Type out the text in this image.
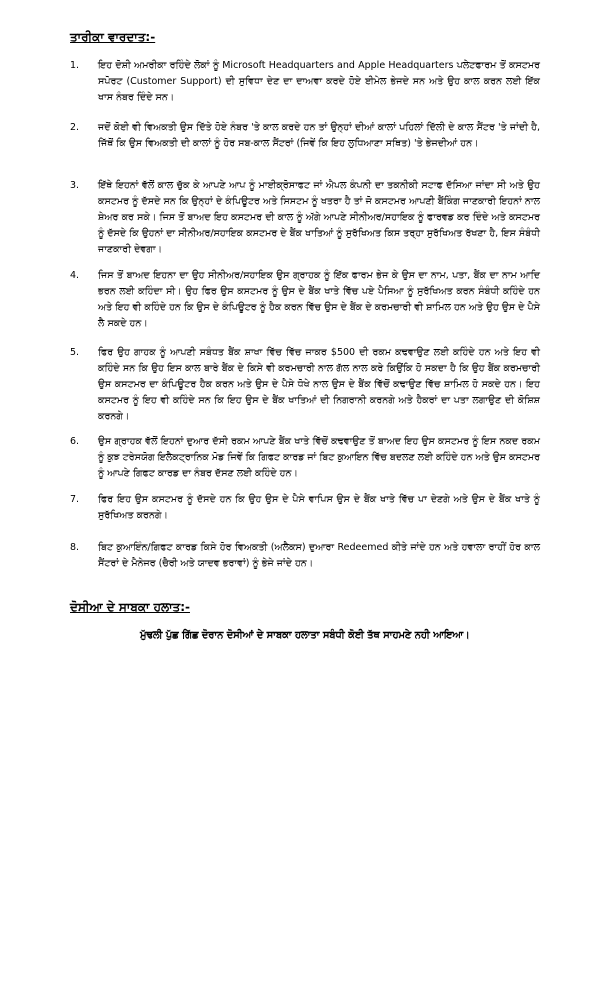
ਤਾਰੀਕਾ ਵਾਰਦਾਤ:-
1.	ਇਹ ਦੋਸ਼ੀ ਅਮਰੀਕਾ ਰਹਿੰਦੇ ਲੋਕਾਂ ਨੂੰ Microsoft Headquarters and Apple Headquarters ਪਲੇਟਫਾਰਮ ਤੋਂ ਕਸਟਮਰ ਸਪੋਰਟ (Customer Support) ਦੀ ਸੁਵਿਧਾ ਦੇਣ ਦਾ ਦਾਅਵਾ ਕਰਦੇ ਹੋਏ ਈਮੇਲ ਭੇਜਦੇ ਸਨ ਅਤੇ ਉਹ ਕਾਲ ਕਰਨ ਲਈ ਇੱਕ ਖਾਸ ਨੰਬਰ ਦਿੰਦੇ ਸਨ।
2.	ਜਦੋਂ ਕੋਈ ਵੀ ਵਿਅਕਤੀ ਉਸ ਦਿੱਤੇ ਹੋਏ ਨੰਬਰ 'ਤੇ ਕਾਲ ਕਰਦੇ ਹਨ ਤਾਂ ਉਨ੍ਹਾਂ ਦੀਆਂ ਕਾਲਾਂ ਪਹਿਲਾਂ ਦਿੱਲੀ ਦੇ ਕਾਲ ਸੈਂਟਰ 'ਤੇ ਜਾਂਦੀ ਹੈ, ਜਿੱਥੋਂ ਕਿ ਉਸ ਵਿਅਕਤੀ ਦੀ ਕਾਲਾਂ ਨੂੰ ਹੋਰ ਸਬ-ਕਾਲ ਸੈਂਟਰਾਂ (ਜਿਵੇਂ ਕਿ ਇਹ ਲੁਧਿਆਣਾ ਸਥਿਤ) 'ਤੇ ਭੇਜਦੀਆਂ ਹਨ।
3.	ਇੱਥੇ ਇਹਨਾਂ ਵੱਲੋਂ ਕਾਲ ਚੁੱਕ ਕੇ ਆਪਣੇ ਆਪ ਨੂੰ ਮਾਈਕ੍ਰੋਸਾਫਟ ਜਾਂ ਐਪਲ ਕੰਪਨੀ ਦਾ ਤਕਨੀਕੀ ਸਟਾਫ ਦੱਸਿਆ ਜਾਂਦਾ ਸੀ ਅਤੇ ਉਹ ਕਸਟਮਰ ਨੂੰ ਦੱਸਦੇ ਸਨ ਕਿ ਉਨ੍ਹਾਂ ਦੇ ਕੰਪਿਊਟਰ ਅਤੇ ਸਿਸਟਮ ਨੂੰ ਖਤਰਾ ਹੈ ਤਾਂ ਜੋ ਕਸਟਮਰ ਆਪਣੀ ਬੈਂਕਿੰਗ ਜਾਣਕਾਰੀ ਇਹਨਾਂ ਨਾਲ ਸ਼ੇਅਰ ਕਰ ਸਕੇ। ਜਿਸ ਤੋਂ ਬਾਅਦ ਇਹ ਕਸਟਮਰ ਦੀ ਕਾਲ ਨੂੰ ਅੱਗੇ ਆਪਣੇ ਸੀਨੀਅਰ/ਸਹਾਇਕ ਨੂੰ ਫਾਰਵਡ ਕਰ ਦਿੰਦੇ ਅਤੇ ਕਸਟਮਰ ਨੂੰ ਦੱਸਦੇ ਕਿ ਉਹਨਾਂ ਦਾ ਸੀਨੀਅਰ/ਸਹਾਇਕ ਕਸਟਮਰ ਦੇ ਬੈਂਕ ਖਾਤਿਆਂ ਨੂੰ ਸੁਰੱਖਿਅਤ ਕਿਸ ਤਰ੍ਹਾ ਸੁਰੱਖਿਅਤ ਰੱਖਣਾ ਹੈ, ਇਸ ਸੰਬੰਧੀ ਜਾਣਕਾਰੀ ਦੇਵਗਾ।
4.	ਜਿਸ ਤੋਂ ਬਾਅਦ ਇਹਨਾ ਦਾ ਉਹ ਸੀਨੀਅਰ/ਸਹਾਇਕ ਉਸ ਗ੍ਰਾਹਕ ਨੂੰ ਇੱਕ ਫਾਰਮ ਭੇਜ ਕੇ ਉਸ ਦਾ ਨਾਮ, ਪਤਾ, ਬੈਂਕ ਦਾ ਨਾਮ ਆਦਿ ਭਰਨ ਲਈ ਕਹਿੰਦਾ ਸੀ। ਉਹ ਫਿਰ ਉਸ ਕਸਟਮਰ ਨੂੰ ਉਸ ਦੇ ਬੈਂਕ ਖਾਤੇ ਵਿੱਚ ਪਏ ਪੈਸਿਆ ਨੂੰ ਸੁਰੱਖਿਅਤ ਕਰਨ ਸੰਬੰਧੀ ਕਹਿੰਦੇ ਹਨ ਅਤੇ ਇਹ ਵੀ ਕਹਿੰਦੇ ਹਨ ਕਿ ਉਸ ਦੇ ਕੰਪਿਊਟਰ ਨੂੰ ਹੈਕ ਕਰਨ ਵਿੱਚ ਉਸ ਦੇ ਬੈਂਕ ਦੇ ਕਰਮਚਾਰੀ ਵੀ ਸ਼ਾਮਿਲ ਹਨ ਅਤੇ ਉਹ ਉਸ ਦੇ ਪੈਸੇ ਲੈ ਸਕਦੇ ਹਨ।
5.	ਫਿਰ ਉਹ ਗਾਹਕ ਨੂੰ ਆਪਣੀ ਸਬੰਧਤ ਬੈਂਕ ਸ਼ਾਖਾ ਵਿੱਚ ਵਿੱਚ ਜਾਕਰ $500 ਦੀ ਰਕਮ ਕਢਵਾਉਣ ਲਈ ਕਹਿੰਦੇ ਹਨ ਅਤੇ ਇਹ ਵੀ ਕਹਿੰਦੇ ਸਨ ਕਿ ਉਹ ਇਸ ਕਾਲ ਬਾਰੇ ਬੈਂਕ ਦੇ ਕਿਸੇ ਵੀ ਕਰਮਚਾਰੀ ਨਾਲ ਗੱਲ ਨਾਲ ਕਰੇ ਕਿਉਂਕਿ ਹੋ ਸਕਦਾ ਹੈ ਕਿ ਉਹ ਬੈਂਕ ਕਰਮਚਾਰੀ ਉਸ ਕਸਟਮਰ ਦਾ ਕੰਪਿਊਟਰ ਹੈਕ ਕਰਨ ਅਤੇ ਉਸ ਦੇ ਪੈਸੇ ਧੋਖੇ ਨਾਲ ਉਸ ਦੇ ਬੈਂਕ ਵਿੱਚੋਂ ਕਢਾਉਣ ਵਿੱਚ ਸ਼ਾਮਿਲ ਹੋ ਸਕਦੇ ਹਨ। ਇਹ ਕਸਟਮਰ ਨੂੰ ਇਹ ਵੀ ਕਹਿੰਦੇ ਸਨ ਕਿ ਇਹ ਉਸ ਦੇ ਬੈਂਕ ਖਾਤਿਆਂ ਦੀ ਨਿਗਰਾਨੀ ਕਰਨਗੇ ਅਤੇ ਹੈਕਰਾਂ ਦਾ ਪਤਾ ਲਗਾਉਣ ਦੀ ਕੋਸ਼ਿਸ਼ ਕਰਨਗੇ।
6.	ਉਸ ਗ੍ਰਾਹਕ ਵੱਲੋਂ ਇਹਨਾਂ ਦੁਆਰ ਦੱਸੀ ਰਕਮ ਆਪਣੇ ਬੈਂਕ ਖਾਤੇ ਵਿੱਚੋਂ ਕਢਵਾਉਣ ਤੋਂ ਬਾਅਦ ਇਹ ਉਸ ਕਸਟਮਰ ਨੂੰ ਇਸ ਨਕਦ ਰਕਮ ਨੂੰ ਕੁਝ ਟਰੇਸਯੋਗ ਇਲੈਕਟ੍ਰਾਨਿਕ ਮੋਡ ਜਿਵੇਂ ਕਿ ਗਿਫਟ ਕਾਰਡ ਜਾਂ ਬਿਟ ਕੁਆਇਨ ਵਿੱਚ ਬਦਲਣ ਲਈ ਕਹਿੰਦੇ ਹਨ ਅਤੇ ਉਸ ਕਸਟਮਰ ਨੂੰ ਆਪਣੇ ਗਿਫਟ ਕਾਰਡ ਦਾ ਨੰਬਰ ਦੱਸਣ ਲਈ ਕਹਿੰਦੇ ਹਨ।
7.	ਫਿਰ ਇਹ ਉਸ ਕਸਟਮਰ ਨੂੰ ਦੱਸਦੇ ਹਨ ਕਿ ਉਹ ਉਸ ਦੇ ਪੈਸੇ ਵਾਪਿਸ ਉਸ ਦੇ ਬੈਂਕ ਖਾਤੇ ਵਿੱਚ ਪਾ ਦੇਣਗੇ ਅਤੇ ਉਸ ਦੇ ਬੈਂਕ ਖਾਤੇ ਨੂੰ ਸੁਰੱਖਿਅਤ ਕਰਨਗੇ।
8.	ਬਿਟ ਕੁਆਇੰਨ/ਗਿਫਟ ਕਾਰਡ ਕਿਸੇ ਹੋਰ ਵਿਅਕਤੀ (ਅਲੈਕਸ) ਦੁਆਰਾ Redeemed ਕੀਤੇ ਜਾਂਦੇ ਹਨ ਅਤੇ ਹਵਾਲਾ ਰਾਹੀਂ ਹੋਰ ਕਾਲ ਸੈਂਟਰਾਂ ਦੇ ਮੈਨੇਜਰ (ਚੈਰੀ ਅਤੇ ਯਾਦਵ ਭਰਾਵਾਂ) ਨੂੰ ਭੇਜੇ ਜਾਂਦੇ ਹਨ।
ਦੋਸੀਆ ਦੇ ਸਾਬਕਾ ਹਲਾਤ:-
ਮੁੱਢਲੀ ਪੁੱਛ ਗਿੱਛ ਦੋਰਾਨ ਦੋਸੀਆਂ ਦੇ ਸਾਬਕਾ ਹਲਾਤਾ ਸਬੰਧੀ ਕੋਈ ਤੱਥ ਸਾਹਮਣੇ ਨਹੀ ਆਇਆ।
